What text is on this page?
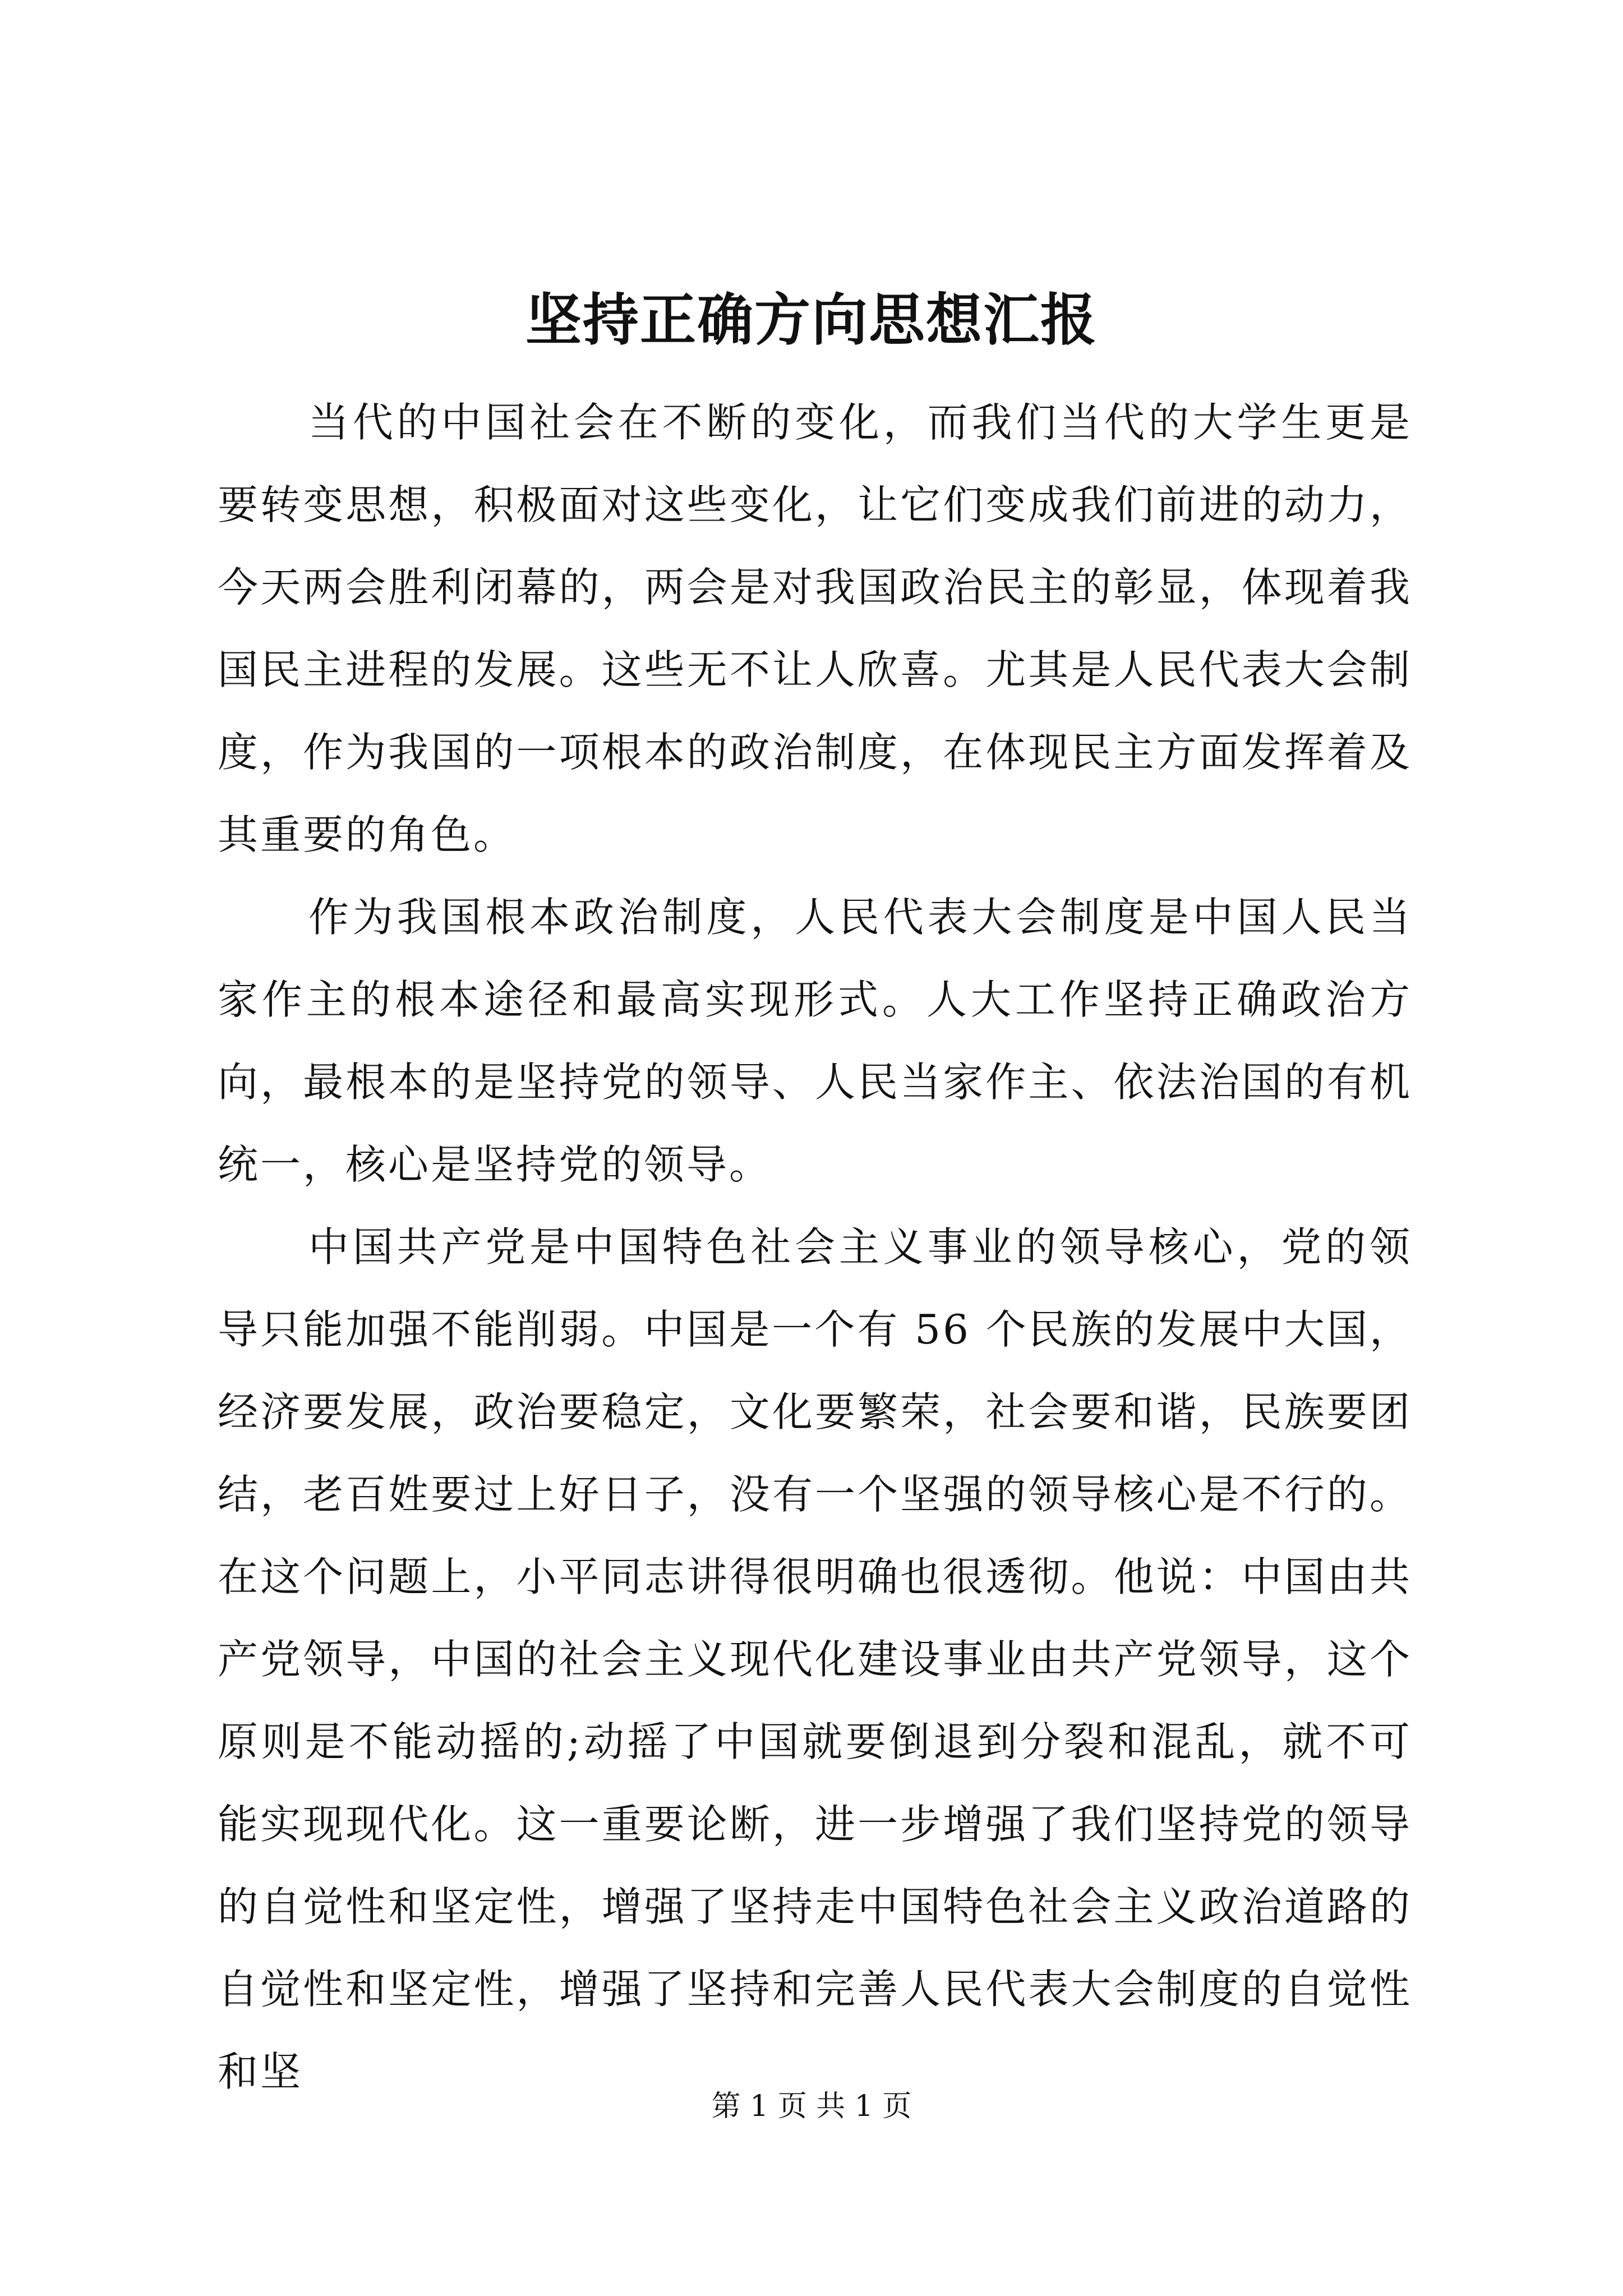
坚持正确方向思想汇报

当代的中国社会在不断的变化，而我们当代的大学生更是要转变思想，积极面对这些变化，让它们变成我们前进的动力，今天两会胜利闭幕的，两会是对我国政治民主的彰显，体现着我国民主进程的发展。这些无不让人欣喜。尤其是人民代表大会制度，作为我国的一项根本的政治制度，在体现民主方面发挥着及其重要的角色。

作为我国根本政治制度，人民代表大会制度是中国人民当家作主的根本途径和最高实现形式。人大工作坚持正确政治方向，最根本的是坚持党的领导、人民当家作主、依法治国的有机统一，核心是坚持党的领导。

中国共产党是中国特色社会主义事业的领导核心，党的领导只能加强不能削弱。中国是一个有 56 个民族的发展中大国，经济要发展，政治要稳定，文化要繁荣，社会要和谐，民族要团结，老百姓要过上好日子，没有一个坚强的领导核心是不行的。在这个问题上，小平同志讲得很明确也很透彻。他说：中国由共产党领导，中国的社会主义现代化建设事业由共产党领导，这个原则是不能动摇的;动摇了中国就要倒退到分裂和混乱，就不可能实现现代化。这一重要论断，进一步增强了我们坚持党的领导的自觉性和坚定性，增强了坚持走中国特色社会主义政治道路的自觉性和坚定性，增强了坚持和完善人民代表大会制度的自觉性和坚

第 1 页 共 1 页
